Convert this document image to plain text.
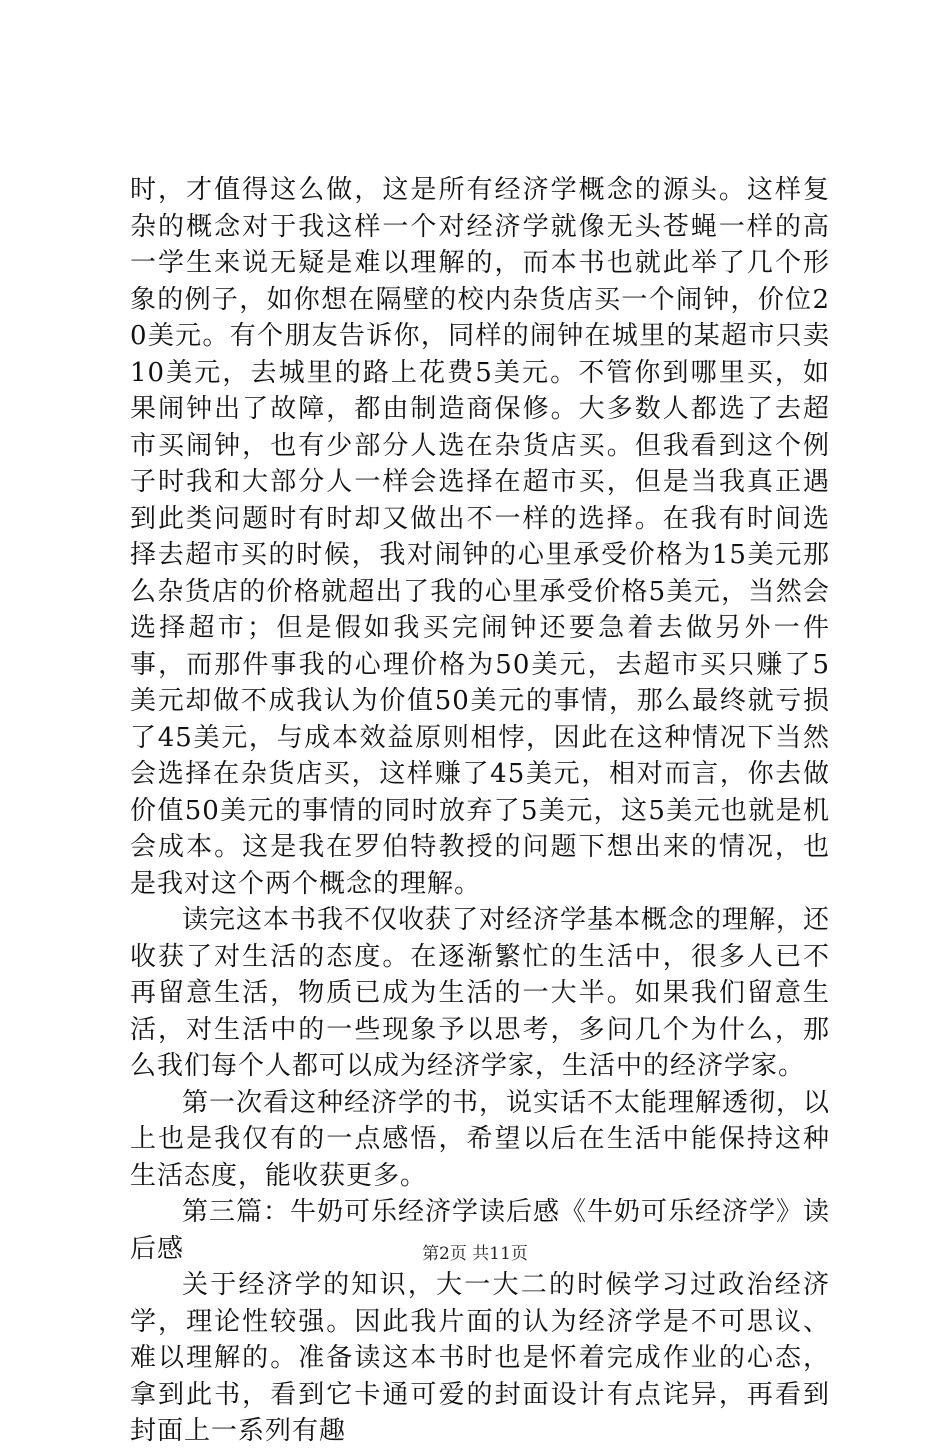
时，才值得这么做，这是所有经济学概念的源头。这样复杂的概念对于我这样一个对经济学就像无头苍蝇一样的高一学生来说无疑是难以理解的，而本书也就此举了几个形象的例子，如你想在隔壁的校内杂货店买一个闹钟，价位20美元。有个朋友告诉你，同样的闹钟在城里的某超市只卖10美元，去城里的路上花费5美元。不管你到哪里买，如果闹钟出了故障，都由制造商保修。大多数人都选了去超市买闹钟，也有少部分人选在杂货店买。但我看到这个例子时我和大部分人一样会选择在超市买，但是当我真正遇到此类问题时有时却又做出不一样的选择。在我有时间选择去超市买的时候，我对闹钟的心里承受价格为15美元那么杂货店的价格就超出了我的心里承受价格5美元，当然会选择超市；但是假如我买完闹钟还要急着去做另外一件事，而那件事我的心理价格为50美元，去超市买只赚了5美元却做不成我认为价值50美元的事情，那么最终就亏损了45美元，与成本效益原则相悖，因此在这种情况下当然会选择在杂货店买，这样赚了45美元，相对而言，你去做价值50美元的事情的同时放弃了5美元，这5美元也就是机会成本。这是我在罗伯特教授的问题下想出来的情况，也是我对这个两个概念的理解。

读完这本书我不仅收获了对经济学基本概念的理解，还收获了对生活的态度。在逐渐繁忙的生活中，很多人已不再留意生活，物质已成为生活的一大半。如果我们留意生活，对生活中的一些现象予以思考，多问几个为什么，那么我们每个人都可以成为经济学家，生活中的经济学家。

第一次看这种经济学的书，说实话不太能理解透彻，以上也是我仅有的一点感悟，希望以后在生活中能保持这种生活态度，能收获更多。

第三篇：牛奶可乐经济学读后感《牛奶可乐经济学》读后感

关于经济学的知识，大一大二的时候学习过政治经济学，理论性较强。因此我片面的认为经济学是不可思议、难以理解的。准备读这本书时也是怀着完成作业的心态，拿到此书，看到它卡通可爱的封面设计有点诧异，再看到封面上一系列有趣

第2页 共11页
